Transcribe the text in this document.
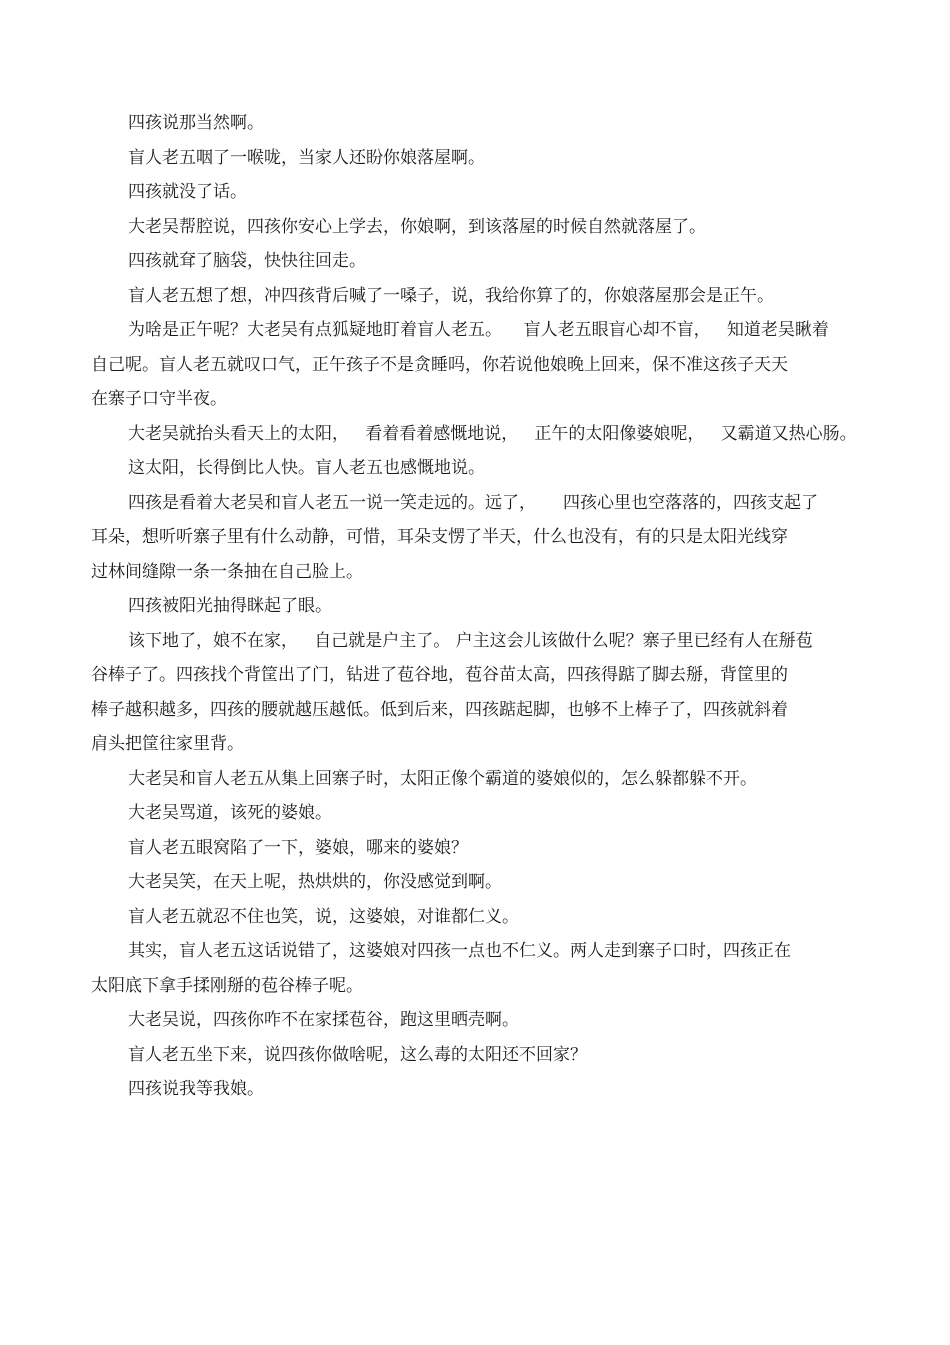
四孩说那当然啊。

盲人老五咽了一喉咙，当家人还盼你娘落屋啊。

四孩就没了话。

大老吴帮腔说，四孩你安心上学去，你娘啊，到该落屋的时候自然就落屋了。

四孩就耷了脑袋，快快往回走。

盲人老五想了想，冲四孩背后喊了一嗓子，说，我给你算了的，你娘落屋那会是正午。

为啥是正午呢？大老吴有点狐疑地盯着盲人老五。    盲人老五眼盲心却不盲，   知道老吴瞅着
自己呢。盲人老五就叹口气，正午孩子不是贪睡吗，你若说他娘晚上回来，保不准这孩子天天
在寨子口守半夜。

大老吴就抬头看天上的太阳，   看着看着感慨地说，   正午的太阳像婆娘呢，   又霸道又热心肠。

这太阳，长得倒比人快。盲人老五也感慨地说。

四孩是看着大老吴和盲人老五一说一笑走远的。远了，     四孩心里也空落落的，四孩支起了
耳朵，想听听寨子里有什么动静，可惜，耳朵支愣了半天，什么也没有，有的只是太阳光线穿
过林间缝隙一条一条抽在自己脸上。

四孩被阳光抽得眯起了眼。

该下地了，娘不在家，   自己就是户主了。 户主这会儿该做什么呢？寨子里已经有人在掰苞
谷棒子了。四孩找个背筐出了门，钻进了苞谷地，苞谷苗太高，四孩得踮了脚去掰，背筐里的
棒子越积越多，四孩的腰就越压越低。低到后来，四孩踮起脚，也够不上棒子了，四孩就斜着
肩头把筐往家里背。

大老吴和盲人老五从集上回寨子时，太阳正像个霸道的婆娘似的，怎么躲都躲不开。

大老吴骂道，该死的婆娘。

盲人老五眼窝陷了一下，婆娘，哪来的婆娘？

大老吴笑，在天上呢，热烘烘的，你没感觉到啊。

盲人老五就忍不住也笑，说，这婆娘，对谁都仁义。

其实，盲人老五这话说错了，这婆娘对四孩一点也不仁义。两人走到寨子口时，四孩正在
太阳底下拿手揉刚掰的苞谷棒子呢。

大老吴说，四孩你咋不在家揉苞谷，跑这里晒壳啊。

盲人老五坐下来，说四孩你做啥呢，这么毒的太阳还不回家？

四孩说我等我娘。
